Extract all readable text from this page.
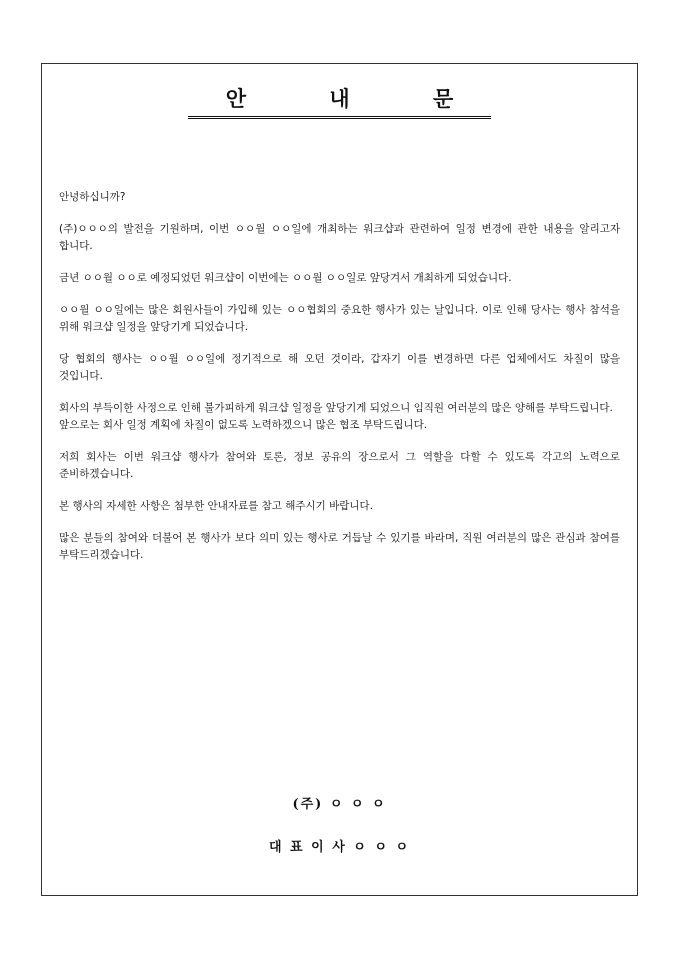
안 내 문

안녕하십니까?

(주)ㅇㅇㅇ의 발전을 기원하며, 이번 ㅇㅇ월 ㅇㅇ일에 개최하는 워크샵과 관련하여 일정 변경에 관한 내용을 알리고자 합니다.

금년 ㅇㅇ월 ㅇㅇ로 예정되었던 워크샵이 이번에는 ㅇㅇ월 ㅇㅇ일로 앞당겨서 개최하게 되었습니다.

ㅇㅇ월 ㅇㅇ일에는 많은 회원사들이 가입해 있는 ㅇㅇ협회의 중요한 행사가 있는 날입니다. 이로 인해 당사는 행사 참석을 위해 워크샵 일정을 앞당기게 되었습니다.

당 협회의 행사는 ㅇㅇ월 ㅇㅇ일에 정기적으로 해 오던 것이라, 갑자기 이를 변경하면 다른 업체에서도 차질이 많을 것입니다.

회사의 부득이한 사정으로 인해 불가피하게 워크샵 일정을 앞당기게 되었으니 임직원 여러분의 많은 양해를 부탁드립니다.
앞으로는 회사 일정 계획에 차질이 없도록 노력하겠으니 많은 협조 부탁드립니다.

저희 회사는 이번 워크샵 행사가 참여와 토론, 정보 공유의 장으로서 그 역할을 다할 수 있도록 각고의 노력으로 준비하겠습니다.

본 행사의 자세한 사항은 첨부한 안내자료를 참고 해주시기 바랍니다.

많은 분들의 참여와 더불어 본 행사가 보다 의미 있는 행사로 거듭날 수 있기를 바라며, 직원 여러분의 많은 관심과 참여를 부탁드리겠습니다.

(주) ㅇ ㅇ ㅇ
대 표 이 사 ㅇ ㅇ ㅇ
